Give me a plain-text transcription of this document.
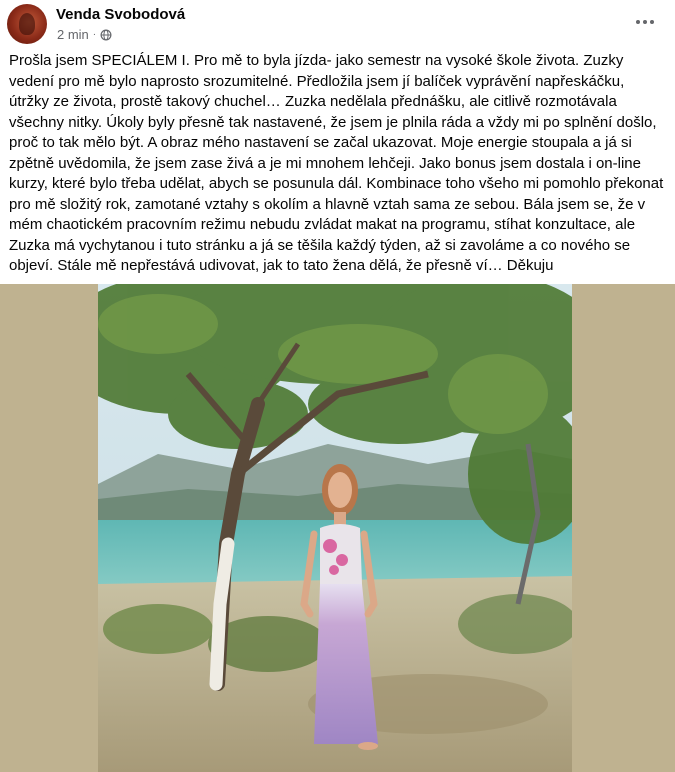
Venda Svobodová
2 min ·
Prošla jsem SPECIÁLEM I. Pro mě to byla jízda- jako semestr na vysoké škole života. Zuzky vedení pro mě bylo naprosto srozumitelné. Předložila jsem jí balíček vyprávění napřeskáčku, útržky ze života, prostě takový chuchel… Zuzka nedělala přednášku, ale citlivě rozmotávala všechny nitky. Úkoly byly přesně tak nastavené, že jsem je plnila ráda a vždy mi po splnění došlo, proč to tak mělo být. A obraz mého nastavení se začal ukazovat. Moje energie stoupala a já si zpětně uvědomila, že jsem zase živá a je mi mnohem lehčeji. Jako bonus jsem dostala i on-line kurzy, které bylo třeba udělat, abych se posunula dál. Kombinace toho všeho mi pomohlo překonat pro mě složitý rok, zamotané vztahy s okolím a hlavně vztah sama ze sebou. Bála jsem se, že v mém chaotickém pracovním režimu nebudu zvládat makat na programu, stíhat konzultace, ale Zuzka má vychytanou i tuto stránku a já se těšila každý týden, až si zavoláme a co nového se objeví. Stále mě nepřestává udivovat, jak to tato žena dělá, že přesně ví… Děkuju
